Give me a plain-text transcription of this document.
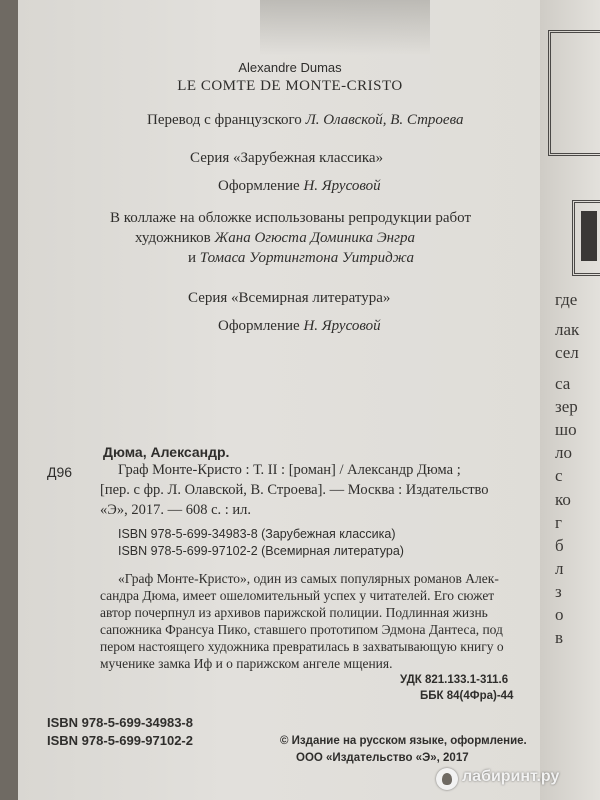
где
лак
сел
са
зер
шо
ло
с
ко
г
б
л
з
о
в
Alexandre Dumas
LE COMTE DE MONTE-CRISTO
Перевод с французского Л. Олавской, В. Строева
Серия «Зарубежная классика»
Оформление Н. Ярусовой
В коллаже на обложке использованы репродукции работ
художников Жана Огюста Доминика Энгра
и Томаса Уортингтона Уитриджа
Серия «Всемирная литература»
Оформление Н. Ярусовой
Дюма, Александр.
Д96	Граф Монте-Кристо : Т. II : [роман] / Александр Дюма ;
[пер. с фр. Л. Олавской, В. Строева]. — Москва : Издательство
«Э», 2017. — 608 с. : ил.
ISBN 978-5-699-34983-8 (Зарубежная классика)
ISBN 978-5-699-97102-2 (Всемирная литература)
«Граф Монте-Кристо», один из самых популярных романов Алек-
сандра Дюма, имеет ошеломительный успех у читателей. Его сюжет
автор почерпнул из архивов парижской полиции. Подлинная жизнь
сапожника Франсуа Пико, ставшего прототипом Эдмона Дантеса, под
пером настоящего художника превратилась в захватывающую книгу о
мученике замка Иф и о парижском ангеле мщения.
УДК 821.133.1-311.6
ББК 84(4Фра)-44
ISBN 978-5-699-34983-8
ISBN 978-5-699-97102-2	© Издание на русском языке, оформление.
ООО «Издательство «Э», 2017
лабиринт.ру
